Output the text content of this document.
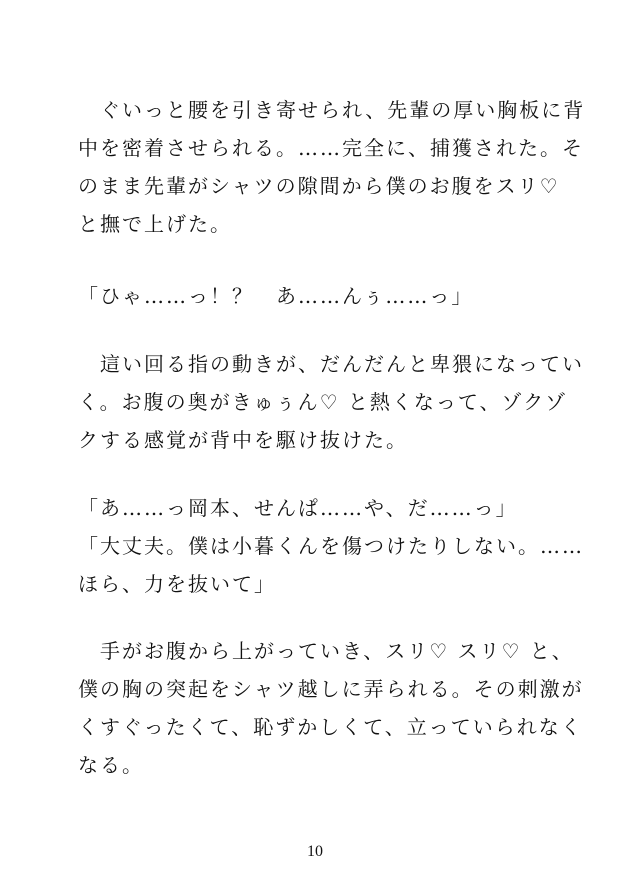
　ぐいっと腰を引き寄せられ、先輩の厚い胸板に背
中を密着させられる。……完全に、捕獲された。そ
のまま先輩がシャツの隙間から僕のお腹をスリ♡
と撫で上げた。
「ひゃ……っ！？　あ……んぅ……っ」
　這い回る指の動きが、だんだんと卑猥になってい
く。お腹の奥がきゅぅん♡ と熱くなって、ゾクゾ
クする感覚が背中を駆け抜けた。
「あ……っ岡本、せんぱ……や、だ……っ」
「大丈夫。僕は小暮くんを傷つけたりしない。……
ほら、力を抜いて」
　手がお腹から上がっていき、スリ♡ スリ♡ と、
僕の胸の突起をシャツ越しに弄られる。その刺激が
くすぐったくて、恥ずかしくて、立っていられなく
なる。
10
